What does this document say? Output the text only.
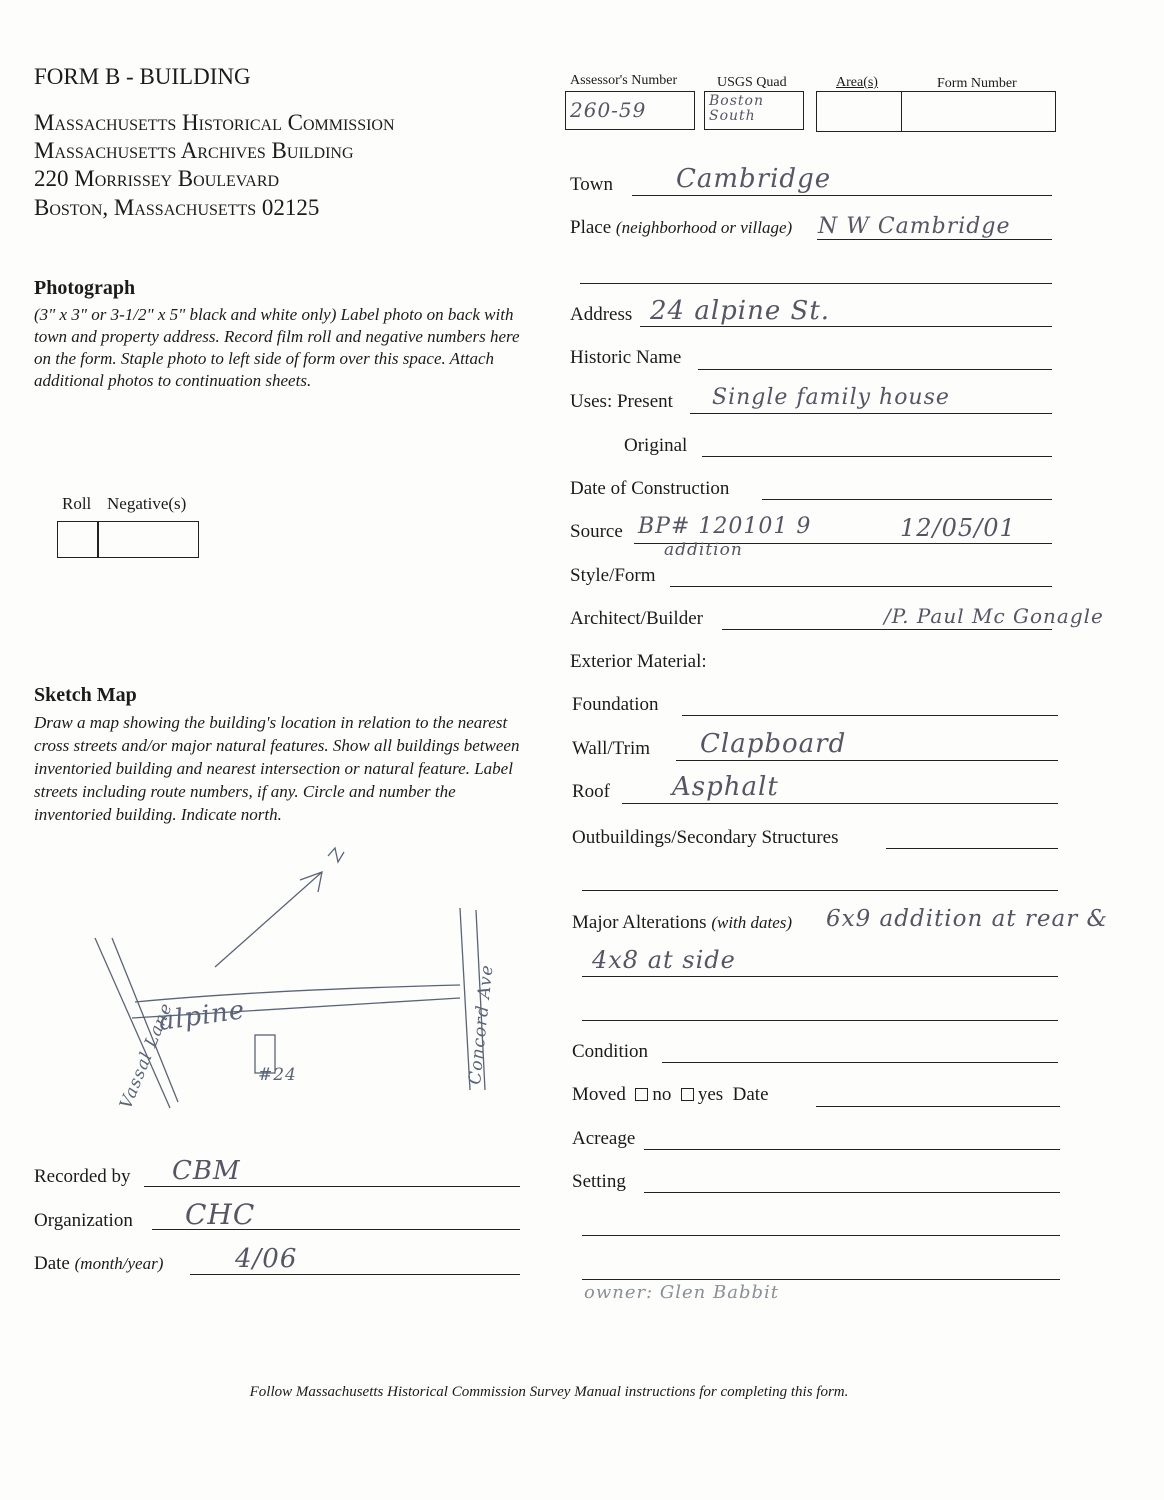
FORM B - BUILDING
Massachusetts Historical Commission
Massachusetts Archives Building
220 Morrissey Boulevard
Boston, Massachusetts 02125
Assessor's Number	USGS Quad	Area(s)	Form Number
260-59	Boston South
Photograph
(3" x 3" or 3-1/2" x 5" black and white only) Label photo on back with town and property address. Record film roll and negative numbers here on the form. Staple photo to left side of form over this space. Attach additional photos to continuation sheets.
Roll Negative(s)
Sketch Map
Draw a map showing the building's location in relation to the nearest cross streets and/or major natural features. Show all buildings between inventoried building and nearest intersection or natural feature. Label streets including route numbers, if any. Circle and number the inventoried building. Indicate north.
alpine
Vassal Lane	Concord Ave
#24
Recorded by CBM
Organization CHC
Date (month/year)	4/06
Town Cambridge
Place (neighborhood or village) N W Cambridge
Address 24 alpine St.
Historic Name
Uses: Present Single family house
Original
Date of Construction
Source BP# 120101 9
addition
12/05/01
Style/Form
Architect/Builder	/P. Paul Mc Gonagle
Exterior Material:
Foundation
Wall/Trim Clapboard
Roof Asphalt
Outbuildings/Secondary Structures
Major Alterations (with dates) 6x9 addition at rear &
4x8 at side
Condition
Moved no yes Date
Acreage
Setting
owner: Glen Babbit
Follow Massachusetts Historical Commission Survey Manual instructions for completing this form.
